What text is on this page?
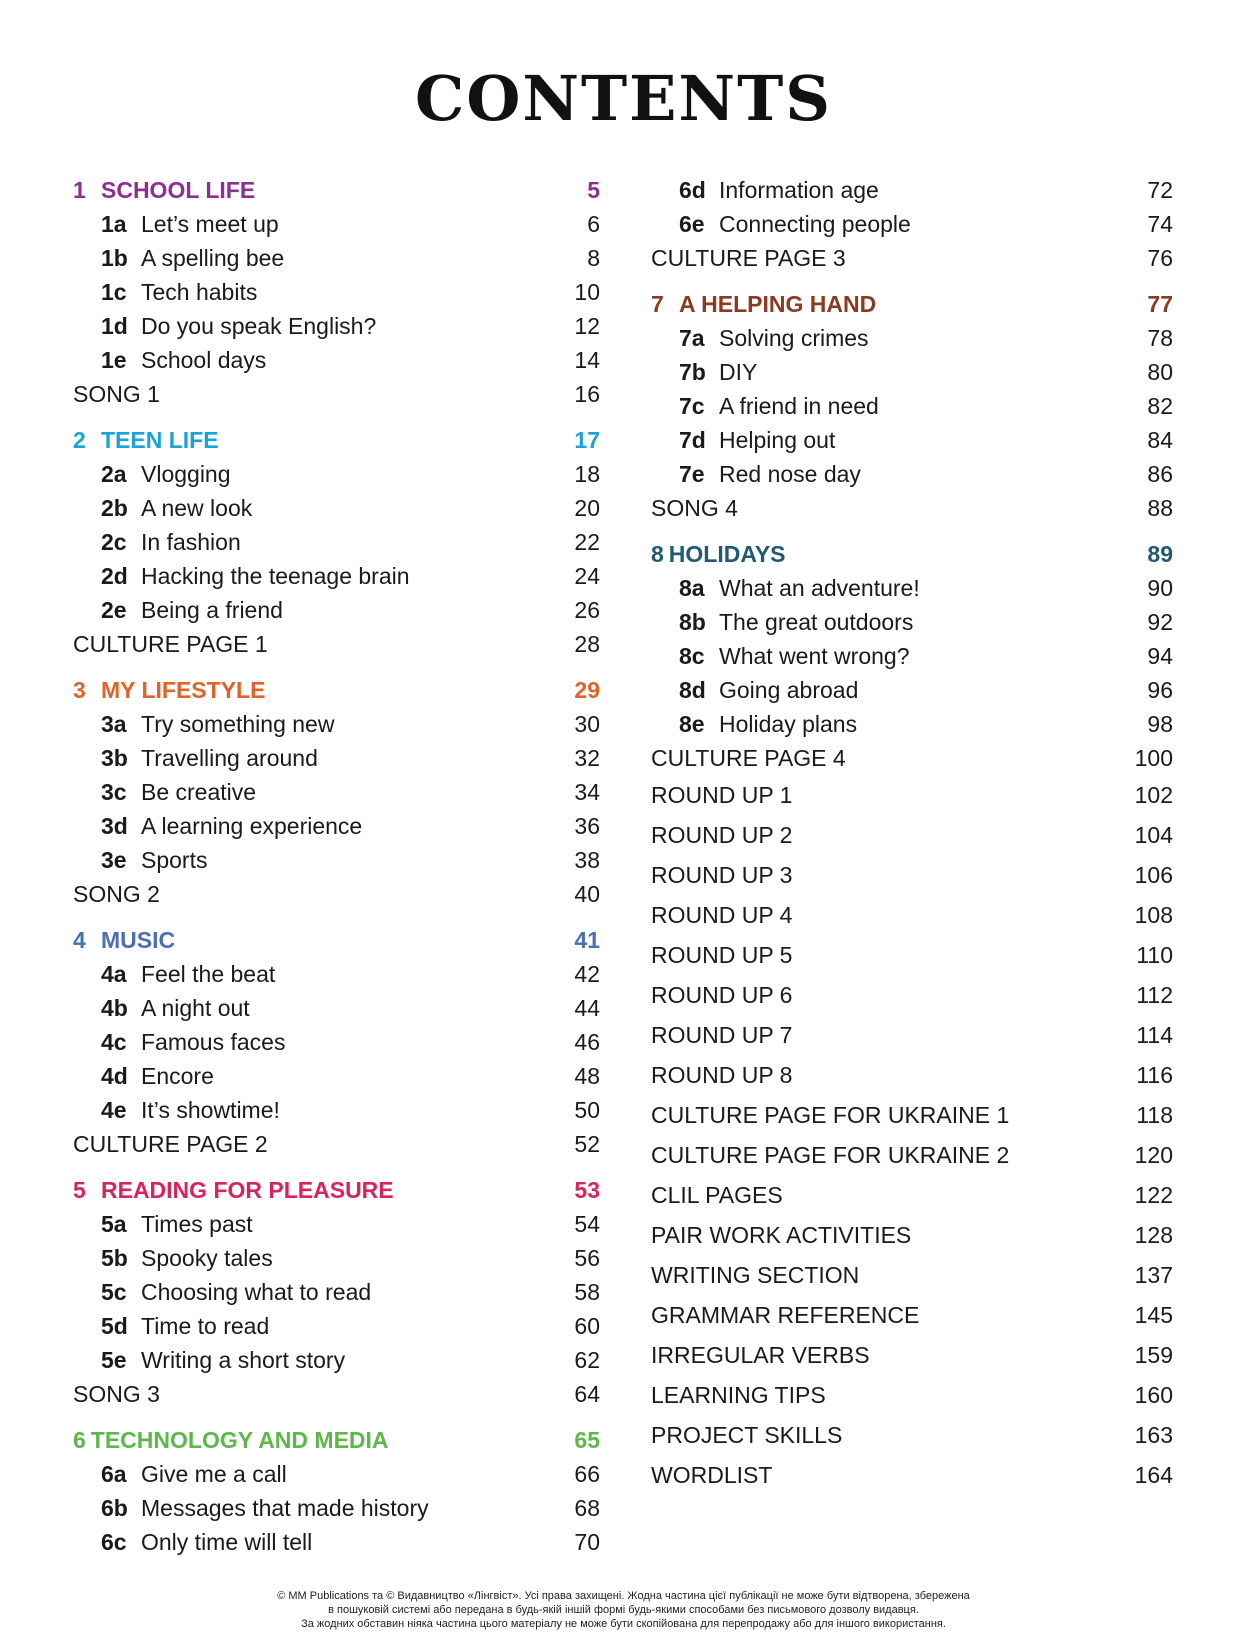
CONTENTS
1 SCHOOL LIFE	5
1a Let’s meet up	6
1b A spelling bee	8
1c Tech habits	10
1d Do you speak English?	12
1e School days	14
SONG 1	16
2 TEEN LIFE	17
2a Vlogging	18
2b A new look	20
2c In fashion	22
2d Hacking the teenage brain	24
2e Being a friend	26
CULTURE PAGE 1	28
3 MY LIFESTYLE	29
3a Try something new	30
3b Travelling around	32
3c Be creative	34
3d A learning experience	36
3e Sports	38
SONG 2	40
4 MUSIC	41
4a Feel the beat	42
4b A night out	44
4c Famous faces	46
4d Encore	48
4e It’s showtime!	50
CULTURE PAGE 2	52
5 READING FOR PLEASURE	53
5a Times past	54
5b Spooky tales	56
5c Choosing what to read	58
5d Time to read	60
5e Writing a short story	62
SONG 3	64
6 TECHNOLOGY AND MEDIA	65
6a Give me a call	66
6b Messages that made history	68
6c Only time will tell	70
6d Information age	72
6e Connecting people	74
CULTURE PAGE 3	76
7 A HELPING HAND	77
7a Solving crimes	78
7b DIY	80
7c A friend in need	82
7d Helping out	84
7e Red nose day	86
SONG 4	88
8 HOLIDAYS	89
8a What an adventure!	90
8b The great outdoors	92
8c What went wrong?	94
8d Going abroad	96
8e Holiday plans	98
CULTURE PAGE 4	100
ROUND UP 1	102
ROUND UP 2	104
ROUND UP 3	106
ROUND UP 4	108
ROUND UP 5	110
ROUND UP 6	112
ROUND UP 7	114
ROUND UP 8	116
CULTURE PAGE FOR UKRAINE 1	118
CULTURE PAGE FOR UKRAINE 2	120
CLIL PAGES	122
PAIR WORK ACTIVITIES	128
WRITING SECTION	137
GRAMMAR REFERENCE	145
IRREGULAR VERBS	159
LEARNING TIPS	160
PROJECT SKILLS	163
WORDLIST	164
© MM Publications та © Видавництво «Лінгвіст». Усі права захищені. Жодна частина цієї публікації не може бути відтворена, збережена
в пошуковій системі або передана в будь-якій іншій формі будь-якими способами без письмового дозволу видавця.
За жодних обставин ніяка частина цього матеріалу не може бути скопійована для перепродажу або для іншого використання.
